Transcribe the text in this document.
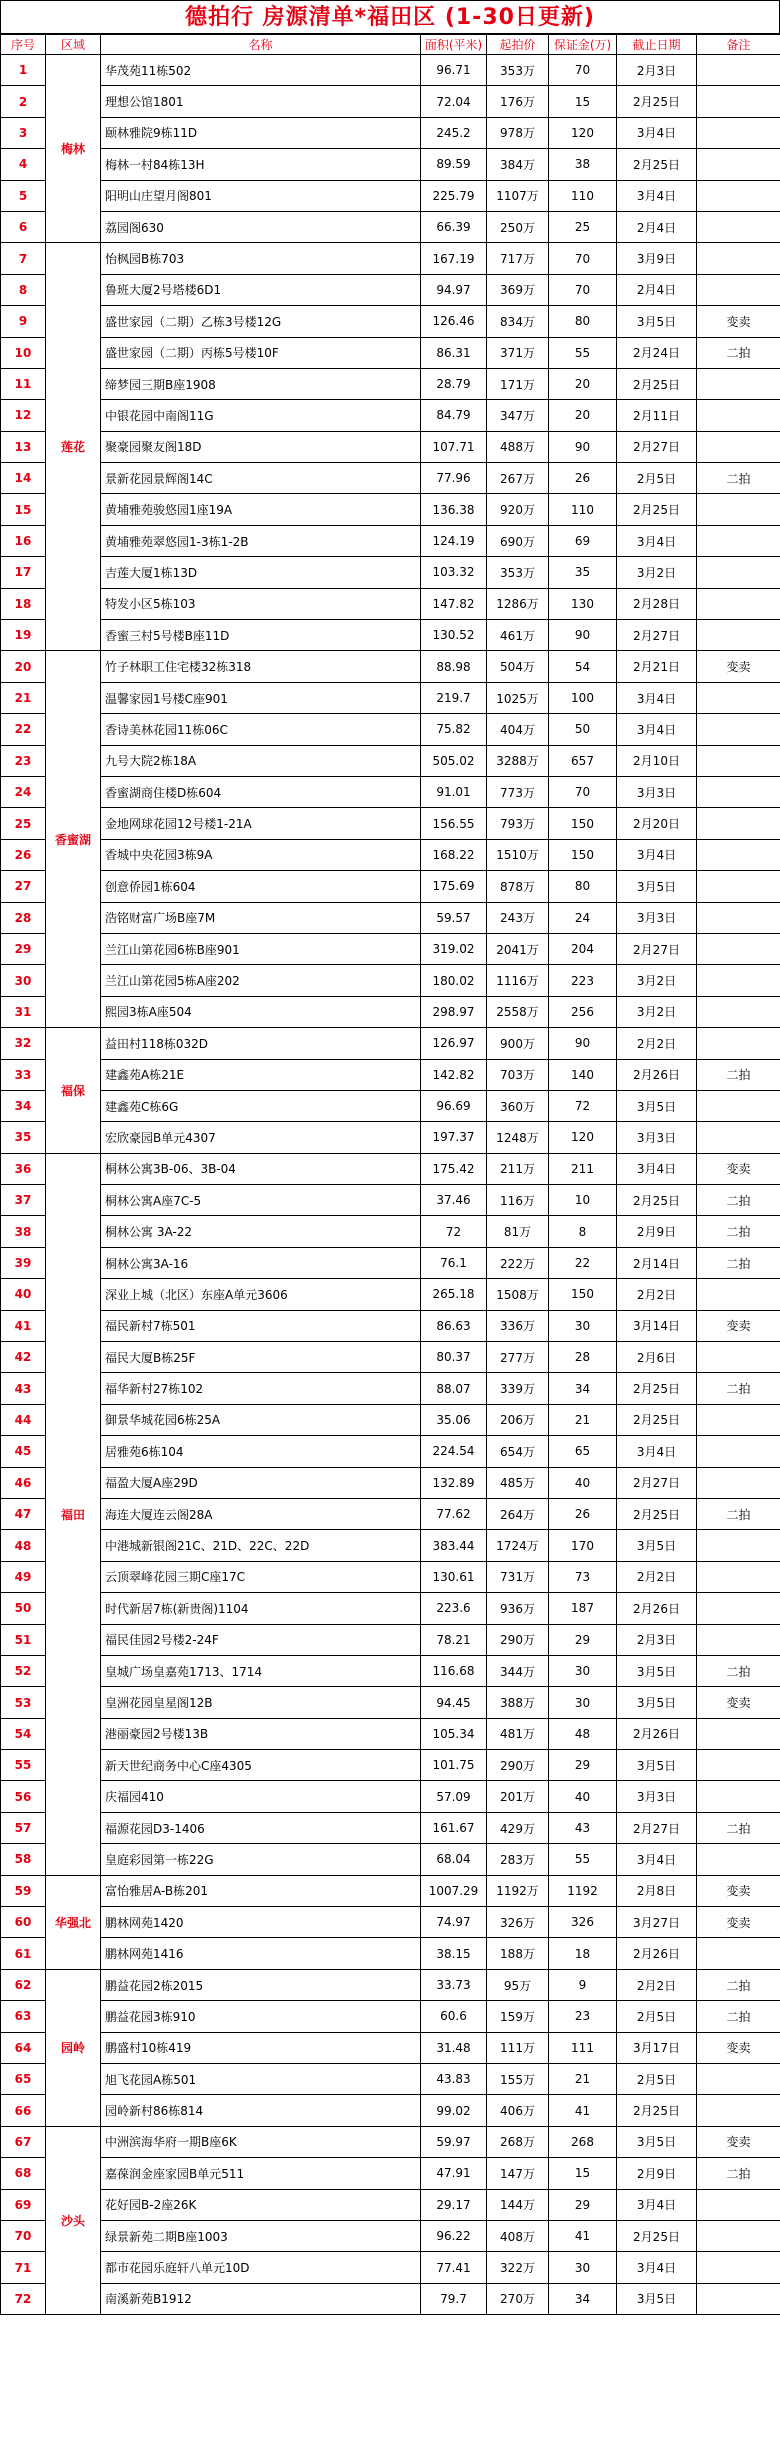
德拍行 房源清单*福田区 (1-30日更新)
序号	区域	名称	面积(平米)	起拍价	保证金(万)	截止日期	备注
1	梅林	华茂苑11栋502	96.71	353万	70	2月3日	
2		理想公馆1801	72.04	176万	15	2月25日	
3		颐林雅院9栋11D	245.2	978万	120	3月4日	
4		梅林一村84栋13H	89.59	384万	38	2月25日	
5		阳明山庄望月阁801	225.79	1107万	110	3月4日	
6		荔园阁630	66.39	250万	25	2月4日	
7	莲花	怡枫园B栋703	167.19	717万	70	3月9日	
8		鲁班大厦2号塔楼6D1	94.97	369万	70	2月4日	
9		盛世家园（二期）乙栋3号楼12G	126.46	834万	80	3月5日	变卖
10		盛世家园（二期）丙栋5号楼10F	86.31	371万	55	2月24日	二拍
11		缔梦园三期B座1908	28.79	171万	20	2月25日	
12		中银花园中南阁11G	84.79	347万	20	2月11日	
13		聚豪园聚友阁18D	107.71	488万	90	2月27日	
14		景新花园景辉阁14C	77.96	267万	26	2月5日	二拍
15		黄埔雅苑骏悠园1座19A	136.38	920万	110	2月25日	
16		黄埔雅苑翠悠园1-3栋1-2B	124.19	690万	69	3月4日	
17		吉莲大厦1栋13D	103.32	353万	35	3月2日	
18		特发小区5栋103	147.82	1286万	130	2月28日	
19		香蜜三村5号楼B座11D	130.52	461万	90	2月27日	
20	香蜜湖	竹子林职工住宅楼32栋318	88.98	504万	54	2月21日	变卖
21		温馨家园1号楼C座901	219.7	1025万	100	3月4日	
22		香诗美林花园11栋06C	75.82	404万	50	3月4日	
23		九号大院2栋18A	505.02	3288万	657	2月10日	
24		香蜜湖商住楼D栋604	91.01	773万	70	3月3日	
25		金地网球花园12号楼1-21A	156.55	793万	150	2月20日	
26		香城中央花园3栋9A	168.22	1510万	150	3月4日	
27		创意侨园1栋604	175.69	878万	80	3月5日	
28		浩铭财富广场B座7M	59.57	243万	24	3月3日	
29		兰江山第花园6栋B座901	319.02	2041万	204	2月27日	
30		兰江山第花园5栋A座202	180.02	1116万	223	3月2日	
31		熙园3栋A座504	298.97	2558万	256	3月2日	
32	福保	益田村118栋032D	126.97	900万	90	2月2日	
33		建鑫苑A栋21E	142.82	703万	140	2月26日	二拍
34		建鑫苑C栋6G	96.69	360万	72	3月5日	
35		宏欣豪园B单元4307	197.37	1248万	120	3月3日	
36	福田	桐林公寓3B-06、3B-04	175.42	211万	211	3月4日	变卖
37		桐林公寓A座7C-5	37.46	116万	10	2月25日	二拍
38		桐林公寓 3A-22	72	81万	8	2月9日	二拍
39		桐林公寓3A-16	76.1	222万	22	2月14日	二拍
40		深业上城（北区）东座A单元3606	265.18	1508万	150	2月2日	
41		福民新村7栋501	86.63	336万	30	3月14日	变卖
42		福民大厦B栋25F	80.37	277万	28	2月6日	
43		福华新村27栋102	88.07	339万	34	2月25日	二拍
44		御景华城花园6栋25A	35.06	206万	21	2月25日	
45		居雅苑6栋104	224.54	654万	65	3月4日	
46		福盈大厦A座29D	132.89	485万	40	2月27日	
47		海连大厦连云阁28A	77.62	264万	26	2月25日	二拍
48		中港城新银阁21C、21D、22C、22D	383.44	1724万	170	3月5日	
49		云顶翠峰花园三期C座17C	130.61	731万	73	2月2日	
50		时代新居7栋(新贵阁)1104	223.6	936万	187	2月26日	
51		福民佳园2号楼2-24F	78.21	290万	29	2月3日	
52		皇城广场皇嘉苑1713、1714	116.68	344万	30	3月5日	二拍
53		皇洲花园皇星阁12B	94.45	388万	30	3月5日	变卖
54		港丽豪园2号楼13B	105.34	481万	48	2月26日	
55		新天世纪商务中心C座4305	101.75	290万	29	3月5日	
56		庆福园410	57.09	201万	40	3月3日	
57		福源花园D3-1406	161.67	429万	43	2月27日	二拍
58		皇庭彩园第一栋22G	68.04	283万	55	3月4日	
59	华强北	富怡雅居A-B栋201	1007.29	1192万	1192	2月8日	变卖
60		鹏林网苑1420	74.97	326万	326	3月27日	变卖
61		鹏林网苑1416	38.15	188万	18	2月26日	
62	园岭	鹏益花园2栋2015	33.73	95万	9	2月2日	二拍
63		鹏益花园3栋910	60.6	159万	23	2月5日	二拍
64		鹏盛村10栋419	31.48	111万	111	3月17日	变卖
65		旭飞花园A栋501	43.83	155万	21	2月5日	
66		园岭新村86栋814	99.02	406万	41	2月25日	
67	沙头	中洲滨海华府一期B座6K	59.97	268万	268	3月5日	变卖
68		嘉葆润金座家园B单元511	47.91	147万	15	2月9日	二拍
69		花好园B-2座26K	29.17	144万	29	3月4日	
70		绿景新苑二期B座1003	96.22	408万	41	2月25日	
71		都市花园乐庭轩八单元10D	77.41	322万	30	3月4日	
72		南溪新苑B1912	79.7	270万	34	3月5日	
